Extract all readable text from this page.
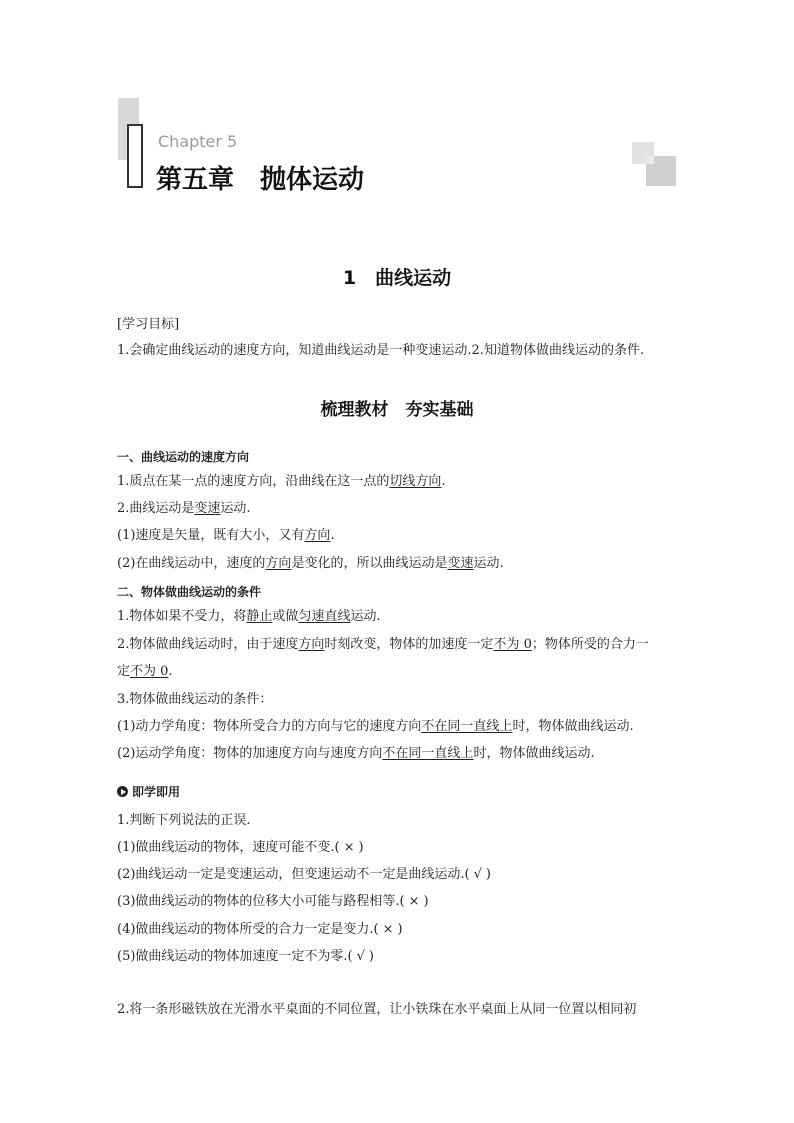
Chapter 5
第五章　抛体运动
1　曲线运动
[学习目标]
1.会确定曲线运动的速度方向，知道曲线运动是一种变速运动.2.知道物体做曲线运动的条件.
梳理教材　夯实基础
一、曲线运动的速度方向
1.质点在某一点的速度方向，沿曲线在这一点的切线方向.
2.曲线运动是变速运动.
(1)速度是矢量，既有大小，又有方向.
(2)在曲线运动中，速度的方向是变化的，所以曲线运动是变速运动.
二、物体做曲线运动的条件
1.物体如果不受力，将静止或做匀速直线运动.
2.物体做曲线运动时，由于速度方向时刻改变，物体的加速度一定不为 0；物体所受的合力一
定不为 0.
3.物体做曲线运动的条件：
(1)动力学角度：物体所受合力的方向与它的速度方向不在同一直线上时，物体做曲线运动.
(2)运动学角度：物体的加速度方向与速度方向不在同一直线上时，物体做曲线运动.
即学即用
1.判断下列说法的正误.
(1)做曲线运动的物体，速度可能不变.( × )
(2)曲线运动一定是变速运动，但变速运动不一定是曲线运动.( √ )
(3)做曲线运动的物体的位移大小可能与路程相等.( × )
(4)做曲线运动的物体所受的合力一定是变力.( × )
(5)做曲线运动的物体加速度一定不为零.( √ )
2.将一条形磁铁放在光滑水平桌面的不同位置，让小铁珠在水平桌面上从同一位置以相同初
